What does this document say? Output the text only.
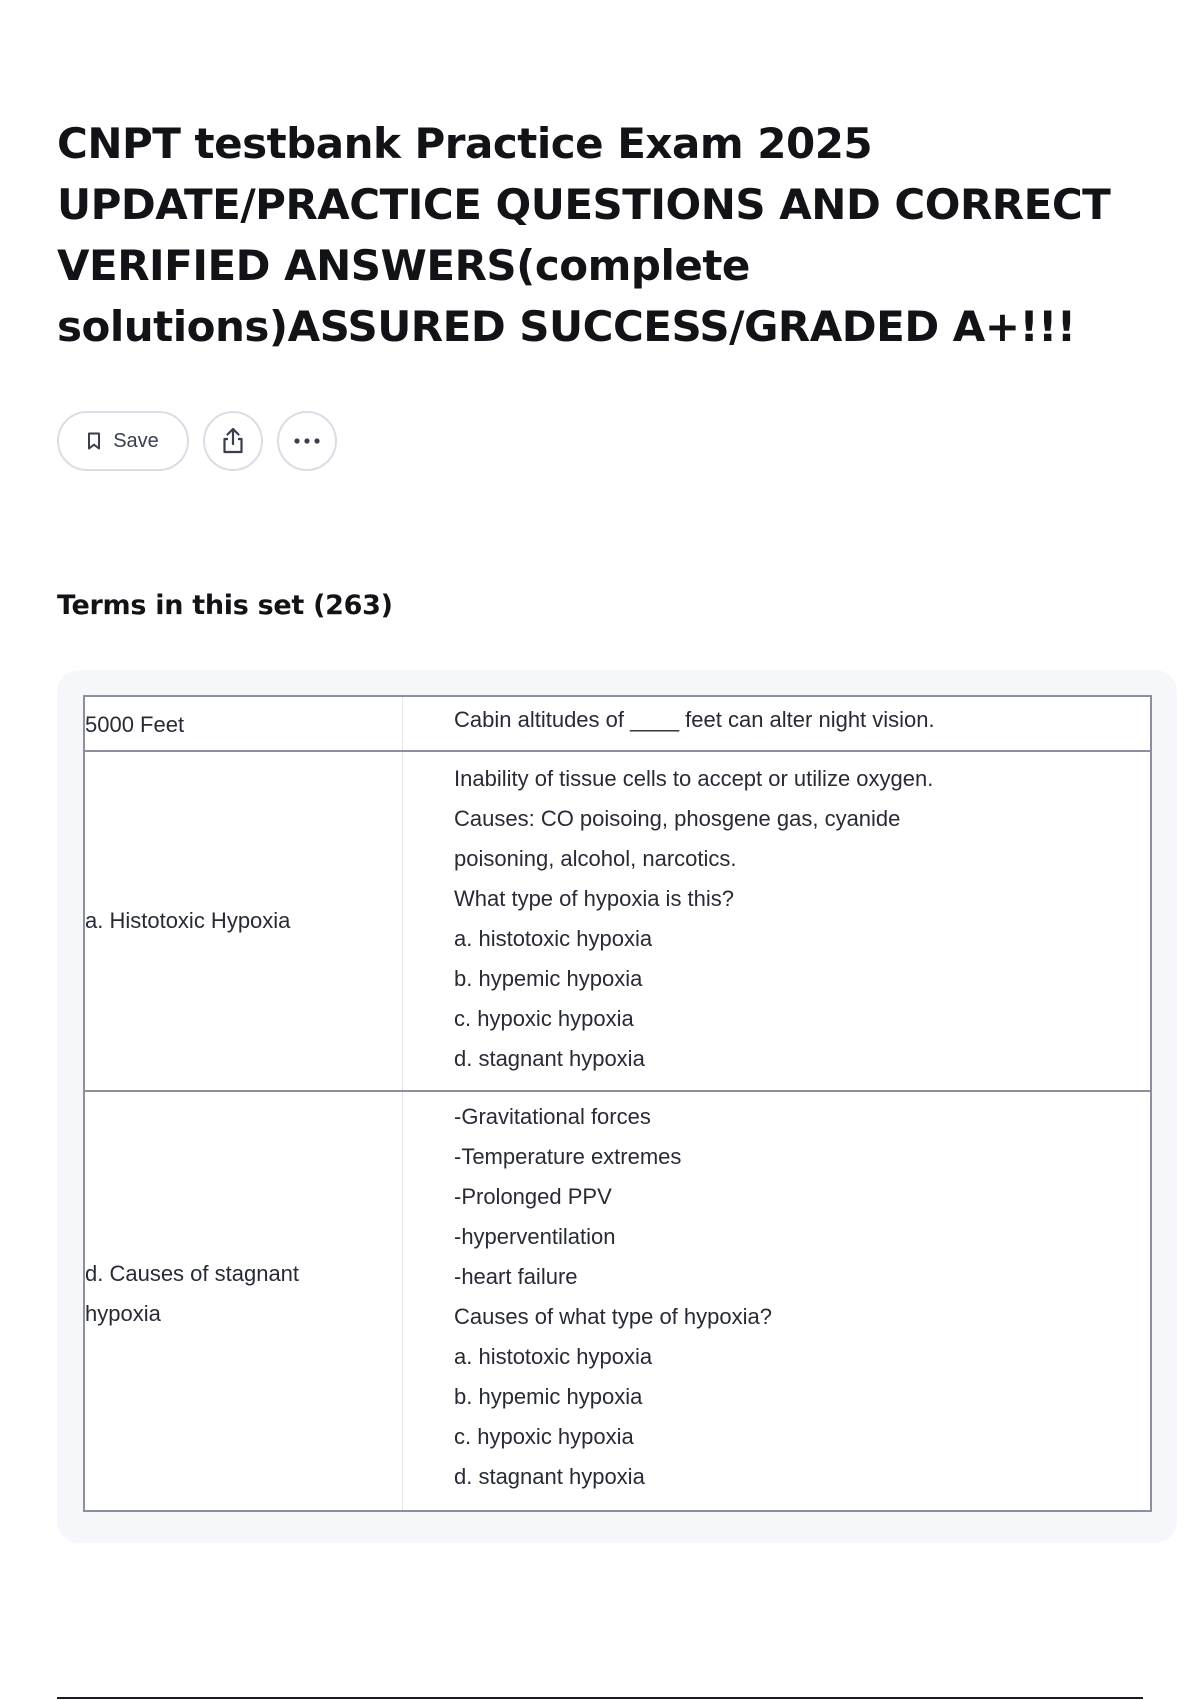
CNPT testbank Practice Exam 2025 UPDATE/PRACTICE QUESTIONS AND CORRECT VERIFIED ANSWERS(complete solutions)ASSURED SUCCESS/GRADED A+!!!
Save
Terms in this set (263)
5000 Feet	Cabin altitudes of ____ feet can alter night vision.
a. Histotoxic Hypoxia
Inability of tissue cells to accept or utilize oxygen.
Causes: CO poisoing, phosgene gas, cyanide
poisoning, alcohol, narcotics.
What type of hypoxia is this?
a. histotoxic hypoxia
b. hypemic hypoxia
c. hypoxic hypoxia
d. stagnant hypoxia
d. Causes of stagnant hypoxia
-Gravitational forces
-Temperature extremes
-Prolonged PPV
-hyperventilation
-heart failure
Causes of what type of hypoxia?
a. histotoxic hypoxia
b. hypemic hypoxia
c. hypoxic hypoxia
d. stagnant hypoxia
